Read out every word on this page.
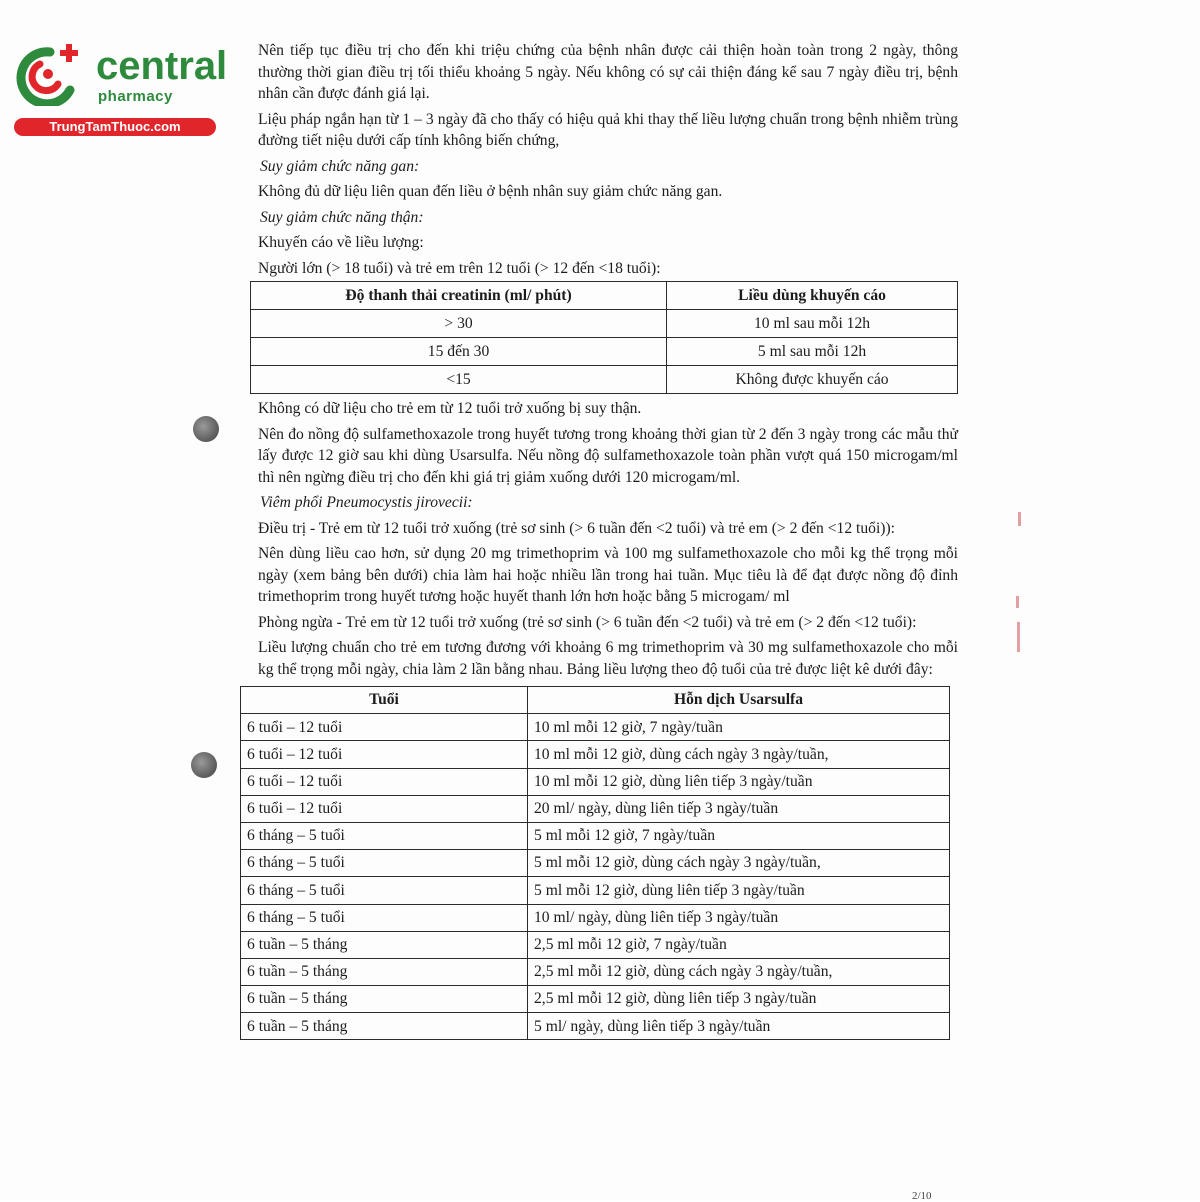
central
pharmacy
TrungTamThuoc.com

Nên tiếp tục điều trị cho đến khi triệu chứng của bệnh nhân được cải thiện hoàn toàn trong 2 ngày, thông thường thời gian điều trị tối thiểu khoảng 5 ngày. Nếu không có sự cải thiện đáng kể sau 7 ngày điều trị, bệnh nhân cần được đánh giá lại.

Liệu pháp ngắn hạn từ 1 – 3 ngày đã cho thấy có hiệu quả khi thay thế liều lượng chuẩn trong bệnh nhiễm trùng đường tiết niệu dưới cấp tính không biến chứng,

Suy giảm chức năng gan:

Không đủ dữ liệu liên quan đến liều ở bệnh nhân suy giảm chức năng gan.

Suy giảm chức năng thận:

Khuyến cáo về liều lượng:

Người lớn (> 18 tuổi) và trẻ em trên 12 tuổi (> 12 đến <18 tuổi):

Độ thanh thải creatinin (ml/ phút)	Liều dùng khuyến cáo
> 30	10 ml sau mỗi 12h
15 đến 30	5 ml sau mỗi 12h
<15	Không được khuyến cáo

Không có dữ liệu cho trẻ em từ 12 tuổi trở xuống bị suy thận.

Nên đo nồng độ sulfamethoxazole trong huyết tương trong khoảng thời gian từ 2 đến 3 ngày trong các mẫu thử lấy được 12 giờ sau khi dùng Usarsulfa. Nếu nồng độ sulfamethoxazole toàn phần vượt quá 150 microgam/ml thì nên ngừng điều trị cho đến khi giá trị giảm xuống dưới 120 microgam/ml.

Viêm phổi Pneumocystis jirovecii:

Điều trị - Trẻ em từ 12 tuổi trở xuống (trẻ sơ sinh (> 6 tuần đến <2 tuổi) và trẻ em (> 2 đến <12 tuổi)):

Nên dùng liều cao hơn, sử dụng 20 mg trimethoprim và 100 mg sulfamethoxazole cho mỗi kg thể trọng mỗi ngày (xem bảng bên dưới) chia làm hai hoặc nhiều lần trong hai tuần. Mục tiêu là để đạt được nồng độ đỉnh trimethoprim trong huyết tương hoặc huyết thanh lớn hơn hoặc bằng 5 microgam/ ml

Phòng ngừa - Trẻ em từ 12 tuổi trở xuống (trẻ sơ sinh (> 6 tuần đến <2 tuổi) và trẻ em (> 2 đến <12 tuổi):

Liều lượng chuẩn cho trẻ em tương đương với khoảng 6 mg trimethoprim và 30 mg sulfamethoxazole cho mỗi kg thể trọng mỗi ngày, chia làm 2 lần bằng nhau. Bảng liều lượng theo độ tuổi của trẻ được liệt kê dưới đây:

Tuổi	Hỗn dịch Usarsulfa
6 tuổi – 12 tuổi	10 ml mỗi 12 giờ, 7 ngày/tuần
6 tuổi – 12 tuổi	10 ml mỗi 12 giờ, dùng cách ngày 3 ngày/tuần,
6 tuổi – 12 tuổi	10 ml mỗi 12 giờ, dùng liên tiếp 3 ngày/tuần
6 tuổi – 12 tuổi	20 ml/ ngày, dùng liên tiếp 3 ngày/tuần
6 tháng – 5 tuổi	5 ml mỗi 12 giờ, 7 ngày/tuần
6 tháng – 5 tuổi	5 ml mỗi 12 giờ, dùng cách ngày 3 ngày/tuần,
6 tháng – 5 tuổi	5 ml mỗi 12 giờ, dùng liên tiếp 3 ngày/tuần
6 tháng – 5 tuổi	10 ml/ ngày, dùng liên tiếp 3 ngày/tuần
6 tuần – 5 tháng	2,5 ml mỗi 12 giờ, 7 ngày/tuần
6 tuần – 5 tháng	2,5 ml mỗi 12 giờ, dùng cách ngày 3 ngày/tuần,
6 tuần – 5 tháng	2,5 ml mỗi 12 giờ, dùng liên tiếp 3 ngày/tuần
6 tuần – 5 tháng	5 ml/ ngày, dùng liên tiếp 3 ngày/tuần
2/10
